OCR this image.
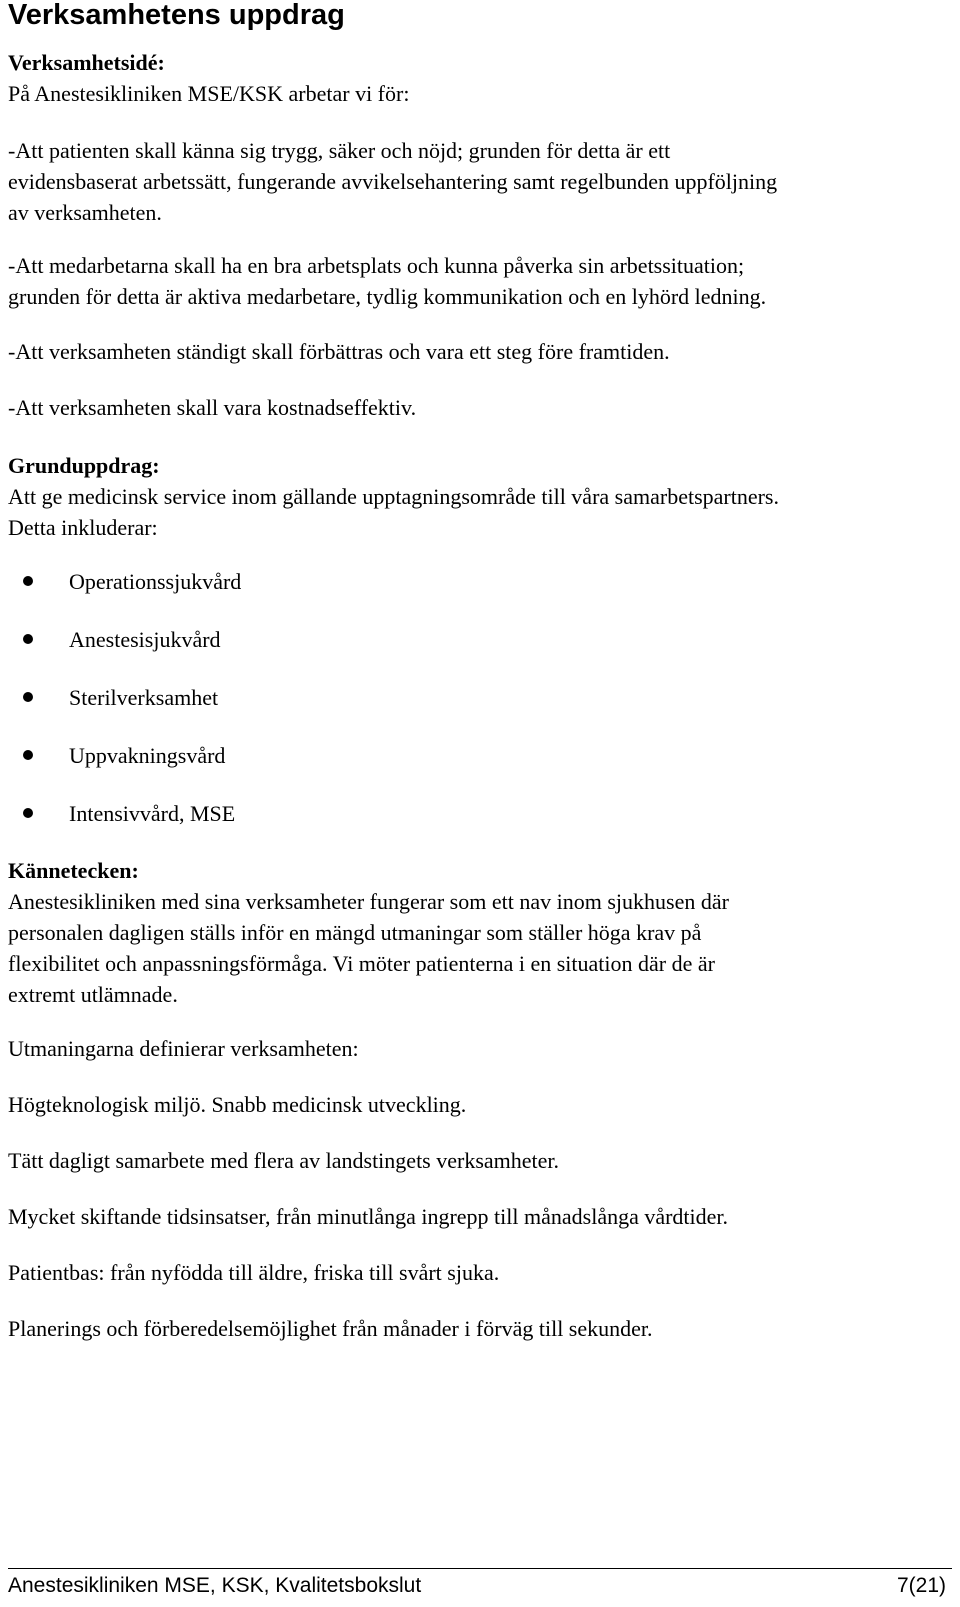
Verksamhetens uppdrag
Verksamhetsidé:
På Anestesikliniken MSE/KSK arbetar vi för:
-Att patienten skall känna sig trygg, säker och nöjd; grunden för detta är ett
evidensbaserat arbetssätt, fungerande avvikelsehantering samt regelbunden uppföljning
av verksamheten.
-Att medarbetarna skall ha en bra arbetsplats och kunna påverka sin arbetssituation;
grunden för detta är aktiva medarbetare, tydlig kommunikation och en lyhörd ledning.
-Att verksamheten ständigt skall förbättras och vara ett steg före framtiden.
-Att verksamheten skall vara kostnadseffektiv.
Grunduppdrag:
Att ge medicinsk service inom gällande upptagningsområde till våra samarbetspartners.
Detta inkluderar:
Operationssjukvård
Anestesisjukvård
Sterilverksamhet
Uppvakningsvård
Intensivvård, MSE
Kännetecken:
Anestesikliniken med sina verksamheter fungerar som ett nav inom sjukhusen där
personalen dagligen ställs inför en mängd utmaningar som ställer höga krav på
flexibilitet och anpassningsförmåga. Vi möter patienterna i en situation där de är
extremt utlämnade.
Utmaningarna definierar verksamheten:
Högteknologisk miljö. Snabb medicinsk utveckling.
Tätt dagligt samarbete med flera av landstingets verksamheter.
Mycket skiftande tidsinsatser, från minutlånga ingrepp till månadslånga vårdtider.
Patientbas: från nyfödda till äldre, friska till svårt sjuka.
Planerings och förberedelsemöjlighet från månader i förväg till sekunder.
Anestesikliniken MSE, KSK, Kvalitetsbokslut	7(21)
